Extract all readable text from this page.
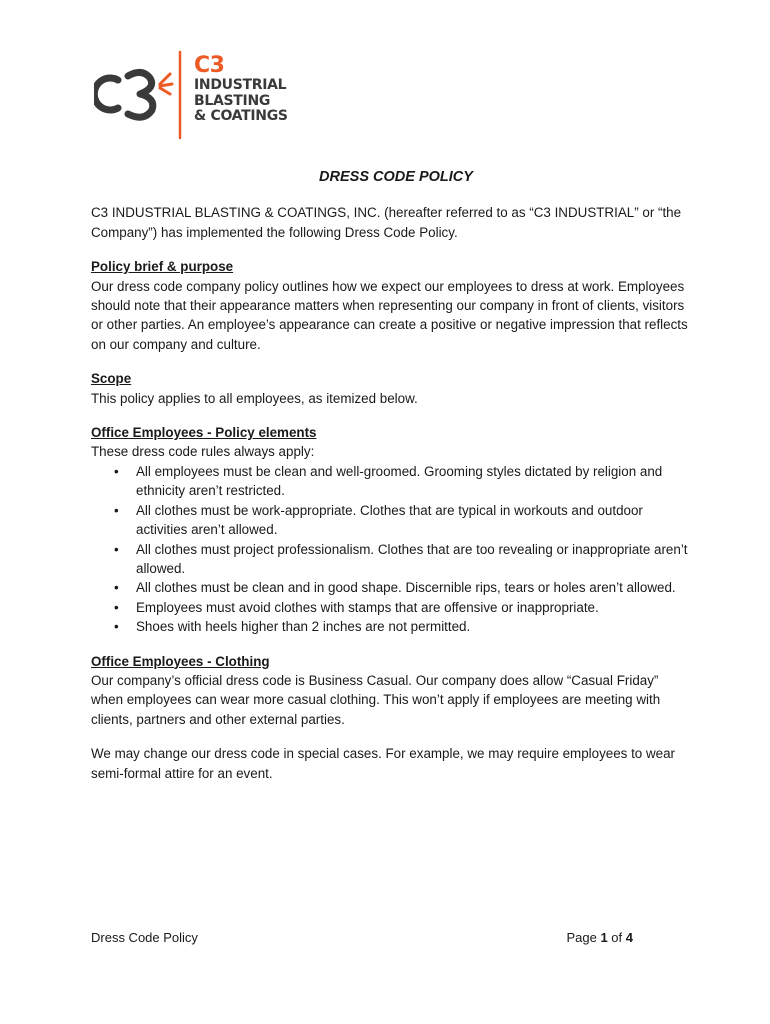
C3
INDUSTRIAL
BLASTING
& COATINGS
DRESS CODE POLICY

C3 INDUSTRIAL BLASTING & COATINGS, INC. (hereafter referred to as “C3 INDUSTRIAL” or “the Company”) has implemented the following Dress Code Policy.

Policy brief & purpose
Our dress code company policy outlines how we expect our employees to dress at work. Employees should note that their appearance matters when representing our company in front of clients, visitors or other parties. An employee’s appearance can create a positive or negative impression that reflects on our company and culture.
Scope
This policy applies to all employees, as itemized below.
Office Employees - Policy elements
These dress code rules always apply:
• All employees must be clean and well-groomed. Grooming styles dictated by religion and ethnicity aren’t restricted.
• All clothes must be work-appropriate. Clothes that are typical in workouts and outdoor activities aren’t allowed.
• All clothes must project professionalism. Clothes that are too revealing or inappropriate aren’t allowed.
• All clothes must be clean and in good shape. Discernible rips, tears or holes aren’t allowed.
• Employees must avoid clothes with stamps that are offensive or inappropriate.
• Shoes with heels higher than 2 inches are not permitted.
Office Employees - Clothing
Our company’s official dress code is Business Casual. Our company does allow “Casual Friday” when employees can wear more casual clothing. This won’t apply if employees are meeting with clients, partners and other external parties.

We may change our dress code in special cases. For example, we may require employees to wear semi-formal attire for an event.

Dress Code Policy	Page 1 of 4
